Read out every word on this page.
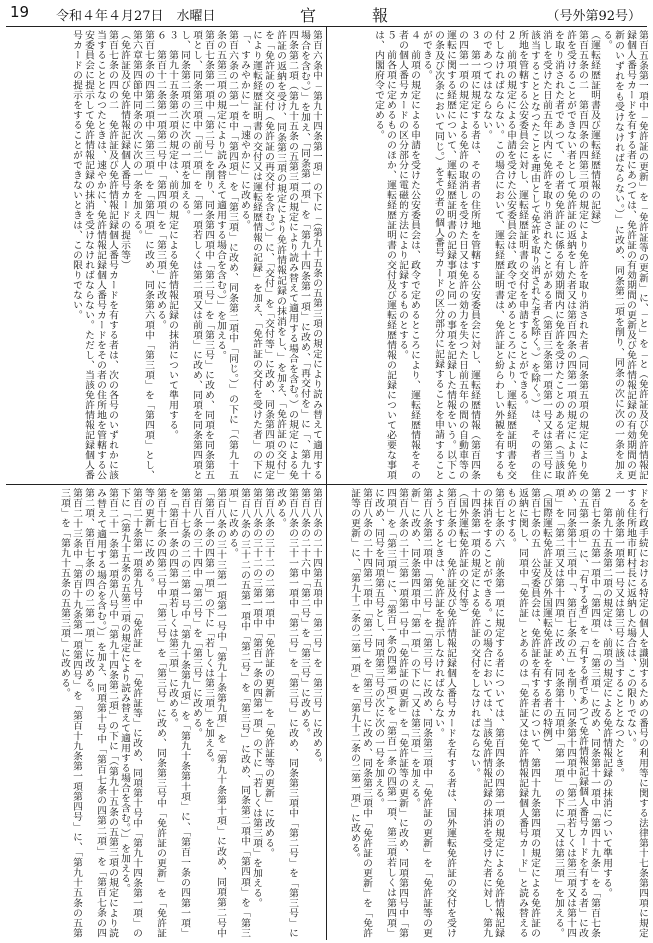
19 令和４年４月27日　水曜日	官　報	（号外第92号）
第百五条第一項中「免許証の更新」を「免許証等の更新」に、「と」を「と（免許証及び免許情報記録個人番号カードを有する者にあつては、免許証の有効期間の更新及び免許情報記録の有効期間の更新のいずれをも受けなければならない。）」に改め、同条第二項を削り、同条の次に次の一条を加える。
（運転経歴証明書及び運転経歴情報の記録）
第百五条の二　第百四条の四第三項の規定により免許を取り消された者（同条第五項の規定により免許を受けることができない者として免許証の返納をした者又は第百四条の四第一項の規定により免許を取り消された者であつて、その者の免許証に係る有効期間内に免許を受けたことのある者（当該取消しを受けた日前五年以内に免許を取り消されたことがある者（第百三条第一項第一号又は第三号に該当することとなつたことを理由として免許を取り消された者を除く。）を除く。）は、その者の住所地を管轄する公安委員会に対し、運転経歴証明書の交付を申請することができる。
２　前項の規定による申請を受けた公安委員会は、政令で定めるところにより、運転経歴証明書を交付しなければならない。この場合において、運転経歴証明書は、免許証と紛らわしい外観を有するものであつてはならない。
３　第一項に規定する者は、その者の住所地を管轄する公安委員会に対し、運転経歴情報（第百四条の四第一項の規定による免許の取消しを受けた日又は免許の効力を失つた日前五年の間の自動車等の運転に関する経歴について、運転経歴証明書の記録事項と同一の事項を記録した情報をいう。以下この条及び次条において同じ。）をその者の個人番号カードの区分部分に記録することを申請することができる。
４　前項の規定による申請を受けた公安委員会は、政令で定めるところにより、運転経歴情報をその者の個人番号カードの区分部分に電磁的方法により記録するものとする。
５　前各項に定めるもののほか、運転経歴証明書の交付及び運転経歴情報の記録について必要な事項は、内閣府令で定める。
第百六条中「第九十四条第一項」の下に「（第九十五条の五第三項の規定により読み替えて適用する場合を含む。）」を加え、「同条第一項」を「第九十四条第一項」に改め、「再交付を」に「、第九十四条第二項（第九十五条の五第三項の規定により読み替えて適用する場合を含む。）の規定による免許証の返納を受け、同条第三項の規定により免許情報記録の抹消をし、」を加え、「免許証の交付」を「免許証の交付（免許証の再交付を含む。）」に、「交付」を「交付等」に改め、同条第四項の規定により運転経歴証明書の交付又は運転経歴情報の記録」を加え、「免許証の交付を受けた者」の下に「、すみやかに」を「速やかに」に改める。
第百六条の二第一項中「第四項」を「第三項」に改め、同条第二項中「同じ。）」の下に「（第九十五条の五第三項の規定により読み替えて適用する場合を含む。）」を加える。
第百七条第一項中「第二号」を削り、同条第四項中「第二号」を「第三号」に改め、同項を同条第五項とし、同条第三項中「前二項」を「第一項若しくは第二項又は前項」に改め、同項を同条第四項とし、同条第二項の次に次の一項を加える。
３　第九十五条第二項の規定は、前項の規定による免許情報記録の抹消について準用する。
６　第百十二条第一項第二号中「第四項」を「第三項」に改める。
第百七条の四第二項中「第三項」を「第四項」に改め、同条第六項中「第三項」を「第四項」とし、第六章第四節中同条の次に次の一条を加える。
（免許証及び免許情報記録個人番号カードの提示等）
第百七条の四の二　免許証及び免許情報記録個人番号カードを有する者は、次の各号のいずれかに該当することとなつたときは、速やかに、免許情報記録個人番号カードをその者の住所地を管轄する公安委員会に提示して免許情報記録の抹消を受けなければならない。ただし、当該免許情報記録個人番号カードの提示をすることができないときは、この限りでない。
ドを行政手続における特定の個人を識別するための番号の利用等に関する法律第十七条第四項に規定する住所地市町村長に返納した場合は、この限りでない。
一　前条第一項第一号又は第三号に該当することとなつたとき。
２　第九十五条第二項の規定は、前項の規定による免許情報記録の抹消について準用する。
第百七条の五第一項中「第四項」を「第三項」に改め、同条第十一項中「第四十九条」を「第百七条の五第一項」に、「有する者」を「有する者であつて免許情報記録個人番号カードを有する者」に改め、同条第十三項中「、第百七条の五」を削り、同条第十四項中「第二項若しくは第三項又は第十四項」を「第二項又は第十四項」に改め、同条第十五項中「第一項」の下に「又は第三項」を加える。
（国際運転免許証及び外国運転免許証を有する者の特例）
第百七条の五　公安委員会は、免許証を有する者について、第四十九条第四項の規定による免許証の返納に関し、同項中「免許証」とあるのは「免許証又は免許情報記録個人番号カード」と読み替えるものとする。
第百七条の六　前条第一項に規定する者については、第百四条の四第一項の規定による免許情報記録の抹消をすることができる。この場合においては、当該免許情報記録の抹消を受けた者に対し、第九十四条第一項の規定による免許証の交付をしなければならない。
（国外運転免許証の交付等）
第百七条の七　免許証及び免許情報記録個人番号カードを有する者は、国外運転免許証の交付を受けようとするときは、免許証を提示しなければならない。
第百八条第二項中「第二号」を「第三号」に改め、同条第三項中「免許証の更新」を「免許証等の更新」に改め、同条第四項中「第一項」の下に「又は第三項」を加える。
第百八条の二十三第一項第一号中「免許証の更新」を「免許証等の更新」に改め、同項第四号中「第四項」を「第三項」に、「第百一条の四第一項」を「第百一条の四第一項、第三項若しくは第四項」に改め、同号を同項第五号とし、同項第三号の次に次の一号を加える。
第百八条の二十四第二項中「第二号」を「第三号」に改め、同条第三項中「免許証の更新」を「免許証等の更新」に、「第九十二条の二第一項」を「第九十二条の二第一項」に改める。
第百八条の二十四第五項中「第二号」を「第三号」に改める。
第百八条の二十六中「第二号」を「第三号」に改める。
第百八条の三十一第一項中「第二号」を「第三号」に改め、同条第三項中「第二号」を「第三号」に改める。
第百八条の三十二の二第一項中「免許証の更新」を「免許証等の更新」に改める。
第百八条の三十二の三第一項中「第百一条の四第一項」の下に「若しくは第三項」を加える。
第百八条の三十二の五第一項中「第二号」を「第三号」に改め、同条第二項中「第四項」を「第三項」に改める。
第百八条の三十三第一項第一号中「第九十条第九項」を「第九十条第十項」に改め、同項第二号中「第百一条の四第一項」の下に「若しくは第三項」を加える。
第百八条の三十四中「第二号」を「第三号」に改める。
第百十七条の二の二第一号中「第九十条第九項」を「第九十条第十項」に、「第百一条の四第一項」を「第百一条の四第一項若しくは第三項」に改める。
第百十七条の四第二号中「第二号」を「第三号」に改め、同条第三号中「免許証の更新」を「免許証等の更新」に改める。
第百二十条第一項第九号中「免許証」を「免許証等」に改め、同項第十号中「第九十四条第一項」の下に「（第九十五条の五第三項の規定により読み替えて適用する場合を含む。）」を加える。
第百二十一条第一項第八号中「第九十四条第二項」の下に「（第九十五条の五第三項の規定により読み替えて適用する場合を含む。）」を加え、同項第十号中「第百七条の四第二項」を「第百七条の四第二項、第百七条の四の二第一項」に改める。
第百二十三条中「第百十九条第一項第四号」を「第百十九条第一項第四号」に、「第九十五条の五第三項」を「第九十五条の五第三項」に改める。
